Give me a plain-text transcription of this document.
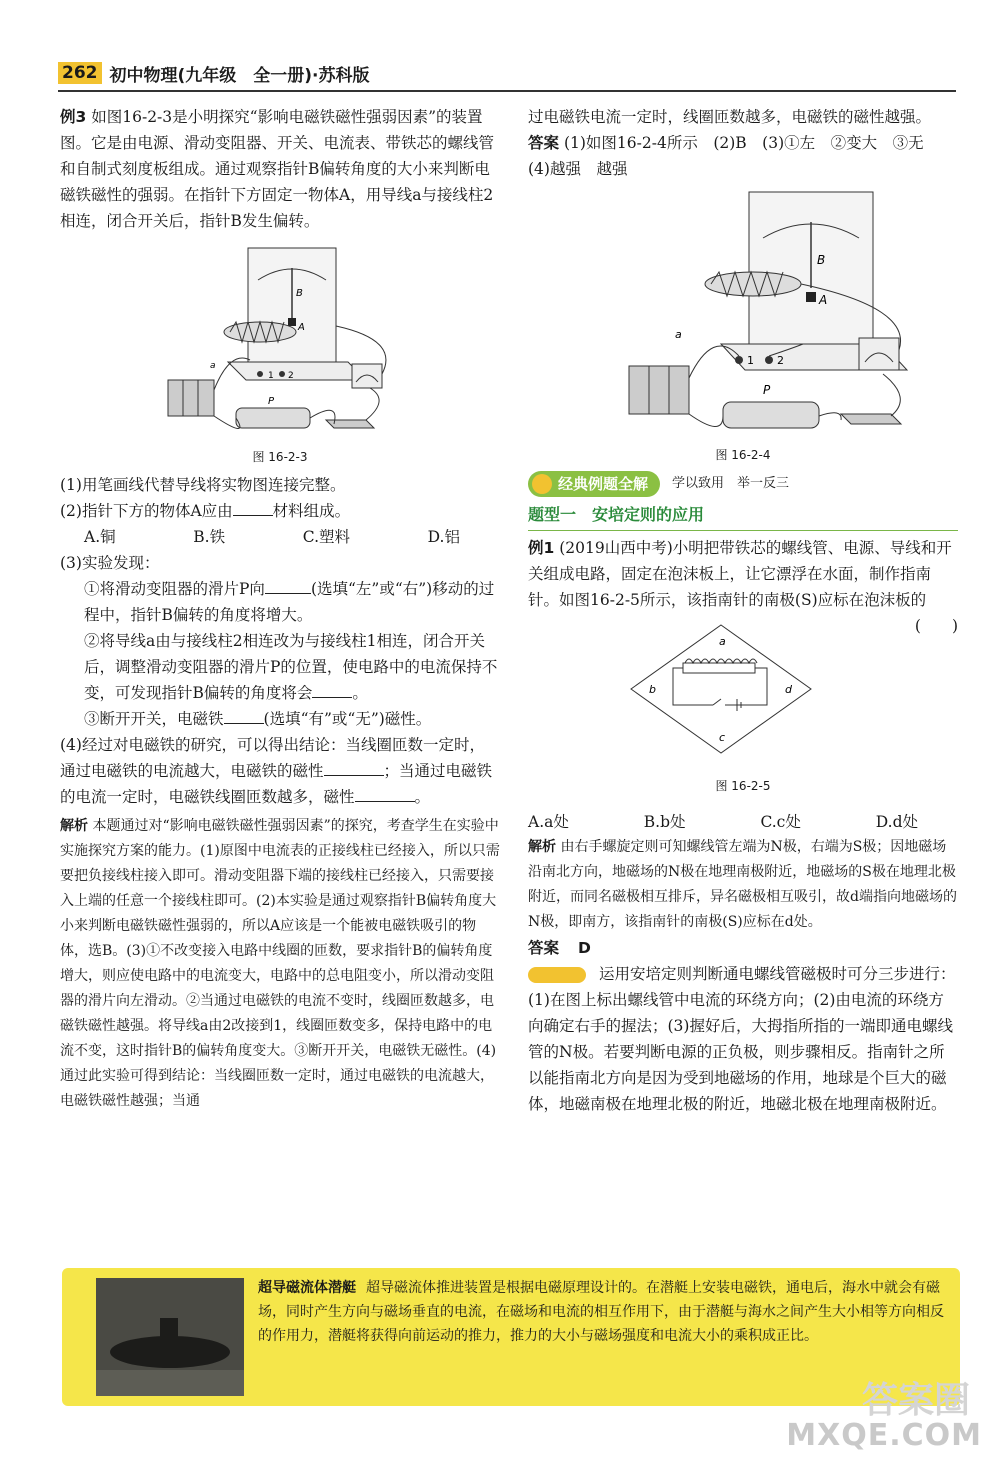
262 初中物理(九年级　全一册)·苏科版

例3 如图16-2-3是小明探究“影响电磁铁磁性强弱因素”的装置图。它是由电源、滑动变阻器、开关、电流表、带铁芯的螺线管和自制式刻度板组成。通过观察指针B偏转角度的大小来判断电磁铁磁性的强弱。在指针下方固定一物体A，用导线a与接线柱2相连，闭合开关后，指针B发生偏转。

B
A
1 2
a
P
图 16-2-3

(1)用笔画线代替导线将实物图连接完整。

(2)指针下方的物体A应由	材料组成。

A.铜	B.铁	C.塑料	D.铝

(3)实验发现：

①将滑动变阻器的滑片P向	(选填“左”或“右”)移动的过程中，指针B偏转的角度将增大。

②将导线a由与接线柱2相连改为与接线柱1相连，闭合开关后，调整滑动变阻器的滑片P的位置，使电路中的电流保持不变，可发现指针B偏转的角度将会	。

③断开开关，电磁铁	(选填“有”或“无”)磁性。

(4)经过对电磁铁的研究，可以得出结论：当线圈匝数一定时，通过电磁铁的电流越大，电磁铁的磁性	；当通过电磁铁的电流一定时，电磁铁线圈匝数越多，磁性	。

解析 本题通过对“影响电磁铁磁性强弱因素”的探究，考查学生在实验中实施探究方案的能力。(1)原图中电流表的正接线柱已经接入，所以只需要把负接线柱接入即可。滑动变阻器下端的接线柱已经接入，只需要接入上端的任意一个接线柱即可。(2)本实验是通过观察指针B偏转角度大小来判断电磁铁磁性强弱的，所以A应该是一个能被电磁铁吸引的物体，选B。(3)①不改变接入电路中线圈的匝数，要求指针B的偏转角度增大，则应使电路中的电流变大，电路中的总电阻变小，所以滑动变阻器的滑片向左滑动。②当通过电磁铁的电流不变时，线圈匝数越多，电磁铁磁性越强。将导线a由2改接到1，线圈匝数变多，保持电路中的电流不变，这时指针B的偏转角度变大。③断开开关，电磁铁无磁性。(4)通过此实验可得到结论：当线圈匝数一定时，通过电磁铁的电流越大，电磁铁磁性越强；当通

过电磁铁电流一定时，线圈匝数越多，电磁铁的磁性越强。

答案 (1)如图16-2-4所示　(2)B　(3)①左　②变大　③无　(4)越强　越强

B
A
1 2
a
P
图 16-2-4
经典例题全解	学以致用　举一反三
题型一　安培定则的应用

例1 (2019山西中考)小明把带铁芯的螺线管、电源、导线和开关组成电路，固定在泡沫板上，让它漂浮在水面，制作指南针。如图16-2-5所示，该指南针的南极(S)应标在泡沫板的
(　　)

a
b
c
d
图 16-2-5
A.a处	B.b处	C.c处	D.d处

解析 由右手螺旋定则可知螺线管左端为N极，右端为S极；因地磁场沿南北方向，地磁场的N极在地理南极附近，地磁场的S极在地理北极附近，而同名磁极相互排斥，异名磁极相互吸引，故d端指向地磁场的N极，即南方，该指南针的南极(S)应标在d处。

答案 D

运用安培定则判断通电螺线管磁极时可分三步进行：(1)在图上标出螺线管中电流的环绕方向；(2)由电流的环绕方向确定右手的握法；(3)握好后，大拇指所指的一端即通电螺线管的N极。若要判断电源的正负极，则步骤相反。指南针之所以能指南北方向是因为受到地磁场的作用，地球是个巨大的磁体，地磁南极在地理北极的附近，地磁北极在地理南极附近。

超导磁流体潜艇 超导磁流体推进装置是根据电磁原理设计的。在潜艇上安装电磁铁，通电后，海水中就会有磁场，同时产生方向与磁场垂直的电流，在磁场和电流的相互作用下，由于潜艇与海水之间产生大小相等方向相反的作用力，潜艇将获得向前运动的推力，推力的大小与磁场强度和电流大小的乘积成正比。
答案圈
MXQE.COM
